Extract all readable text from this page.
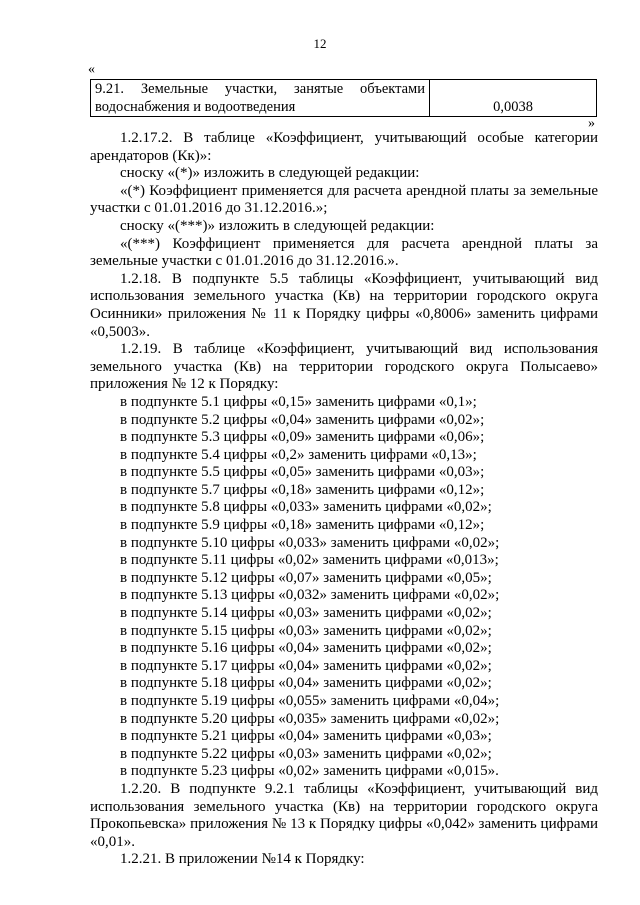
12
«
9.21. Земельные участки, занятые объектами водоснабжения и водоотведения	0,0038
»

1.2.17.2. В таблице «Коэффициент, учитывающий особые категории арендаторов (Кк)»:

сноску «(*)» изложить в следующей редакции:

«(*) Коэффициент применяется для расчета арендной платы за земельные участки с 01.01.2016 до 31.12.2016.»;

сноску «(***)» изложить в следующей редакции:

«(***) Коэффициент применяется для расчета арендной платы за земельные участки с 01.01.2016 до 31.12.2016.».

1.2.18. В подпункте 5.5 таблицы «Коэффициент, учитывающий вид использования земельного участка (Кв) на территории городского округа Осинники» приложения № 11 к Порядку цифры «0,8006» заменить цифрами «0,5003».

1.2.19. В таблице «Коэффициент, учитывающий вид использования земельного участка (Кв) на территории городского округа Полысаево» приложения № 12 к Порядку:

в подпункте 5.1 цифры «0,15» заменить цифрами «0,1»;

в подпункте 5.2 цифры «0,04» заменить цифрами «0,02»;

в подпункте 5.3 цифры «0,09» заменить цифрами «0,06»;

в подпункте 5.4 цифры «0,2» заменить цифрами «0,13»;

в подпункте 5.5 цифры «0,05» заменить цифрами «0,03»;

в подпункте 5.7 цифры «0,18» заменить цифрами «0,12»;

в подпункте 5.8 цифры «0,033» заменить цифрами «0,02»;

в подпункте 5.9 цифры «0,18» заменить цифрами «0,12»;

в подпункте 5.10 цифры «0,033» заменить цифрами «0,02»;

в подпункте 5.11 цифры «0,02» заменить цифрами «0,013»;

в подпункте 5.12 цифры «0,07» заменить цифрами «0,05»;

в подпункте 5.13 цифры «0,032» заменить цифрами «0,02»;

в подпункте 5.14 цифры «0,03» заменить цифрами «0,02»;

в подпункте 5.15 цифры «0,03» заменить цифрами «0,02»;

в подпункте 5.16 цифры «0,04» заменить цифрами «0,02»;

в подпункте 5.17 цифры «0,04» заменить цифрами «0,02»;

в подпункте 5.18 цифры «0,04» заменить цифрами «0,02»;

в подпункте 5.19 цифры «0,055» заменить цифрами «0,04»;

в подпункте 5.20 цифры «0,035» заменить цифрами «0,02»;

в подпункте 5.21 цифры «0,04» заменить цифрами «0,03»;

в подпункте 5.22 цифры «0,03» заменить цифрами «0,02»;

в подпункте 5.23 цифры «0,02» заменить цифрами «0,015».

1.2.20. В подпункте 9.2.1 таблицы «Коэффициент, учитывающий вид использования земельного участка (Кв) на территории городского округа Прокопьевска» приложения № 13 к Порядку цифры «0,042» заменить цифрами «0,01».

1.2.21. В приложении №14 к Порядку:
